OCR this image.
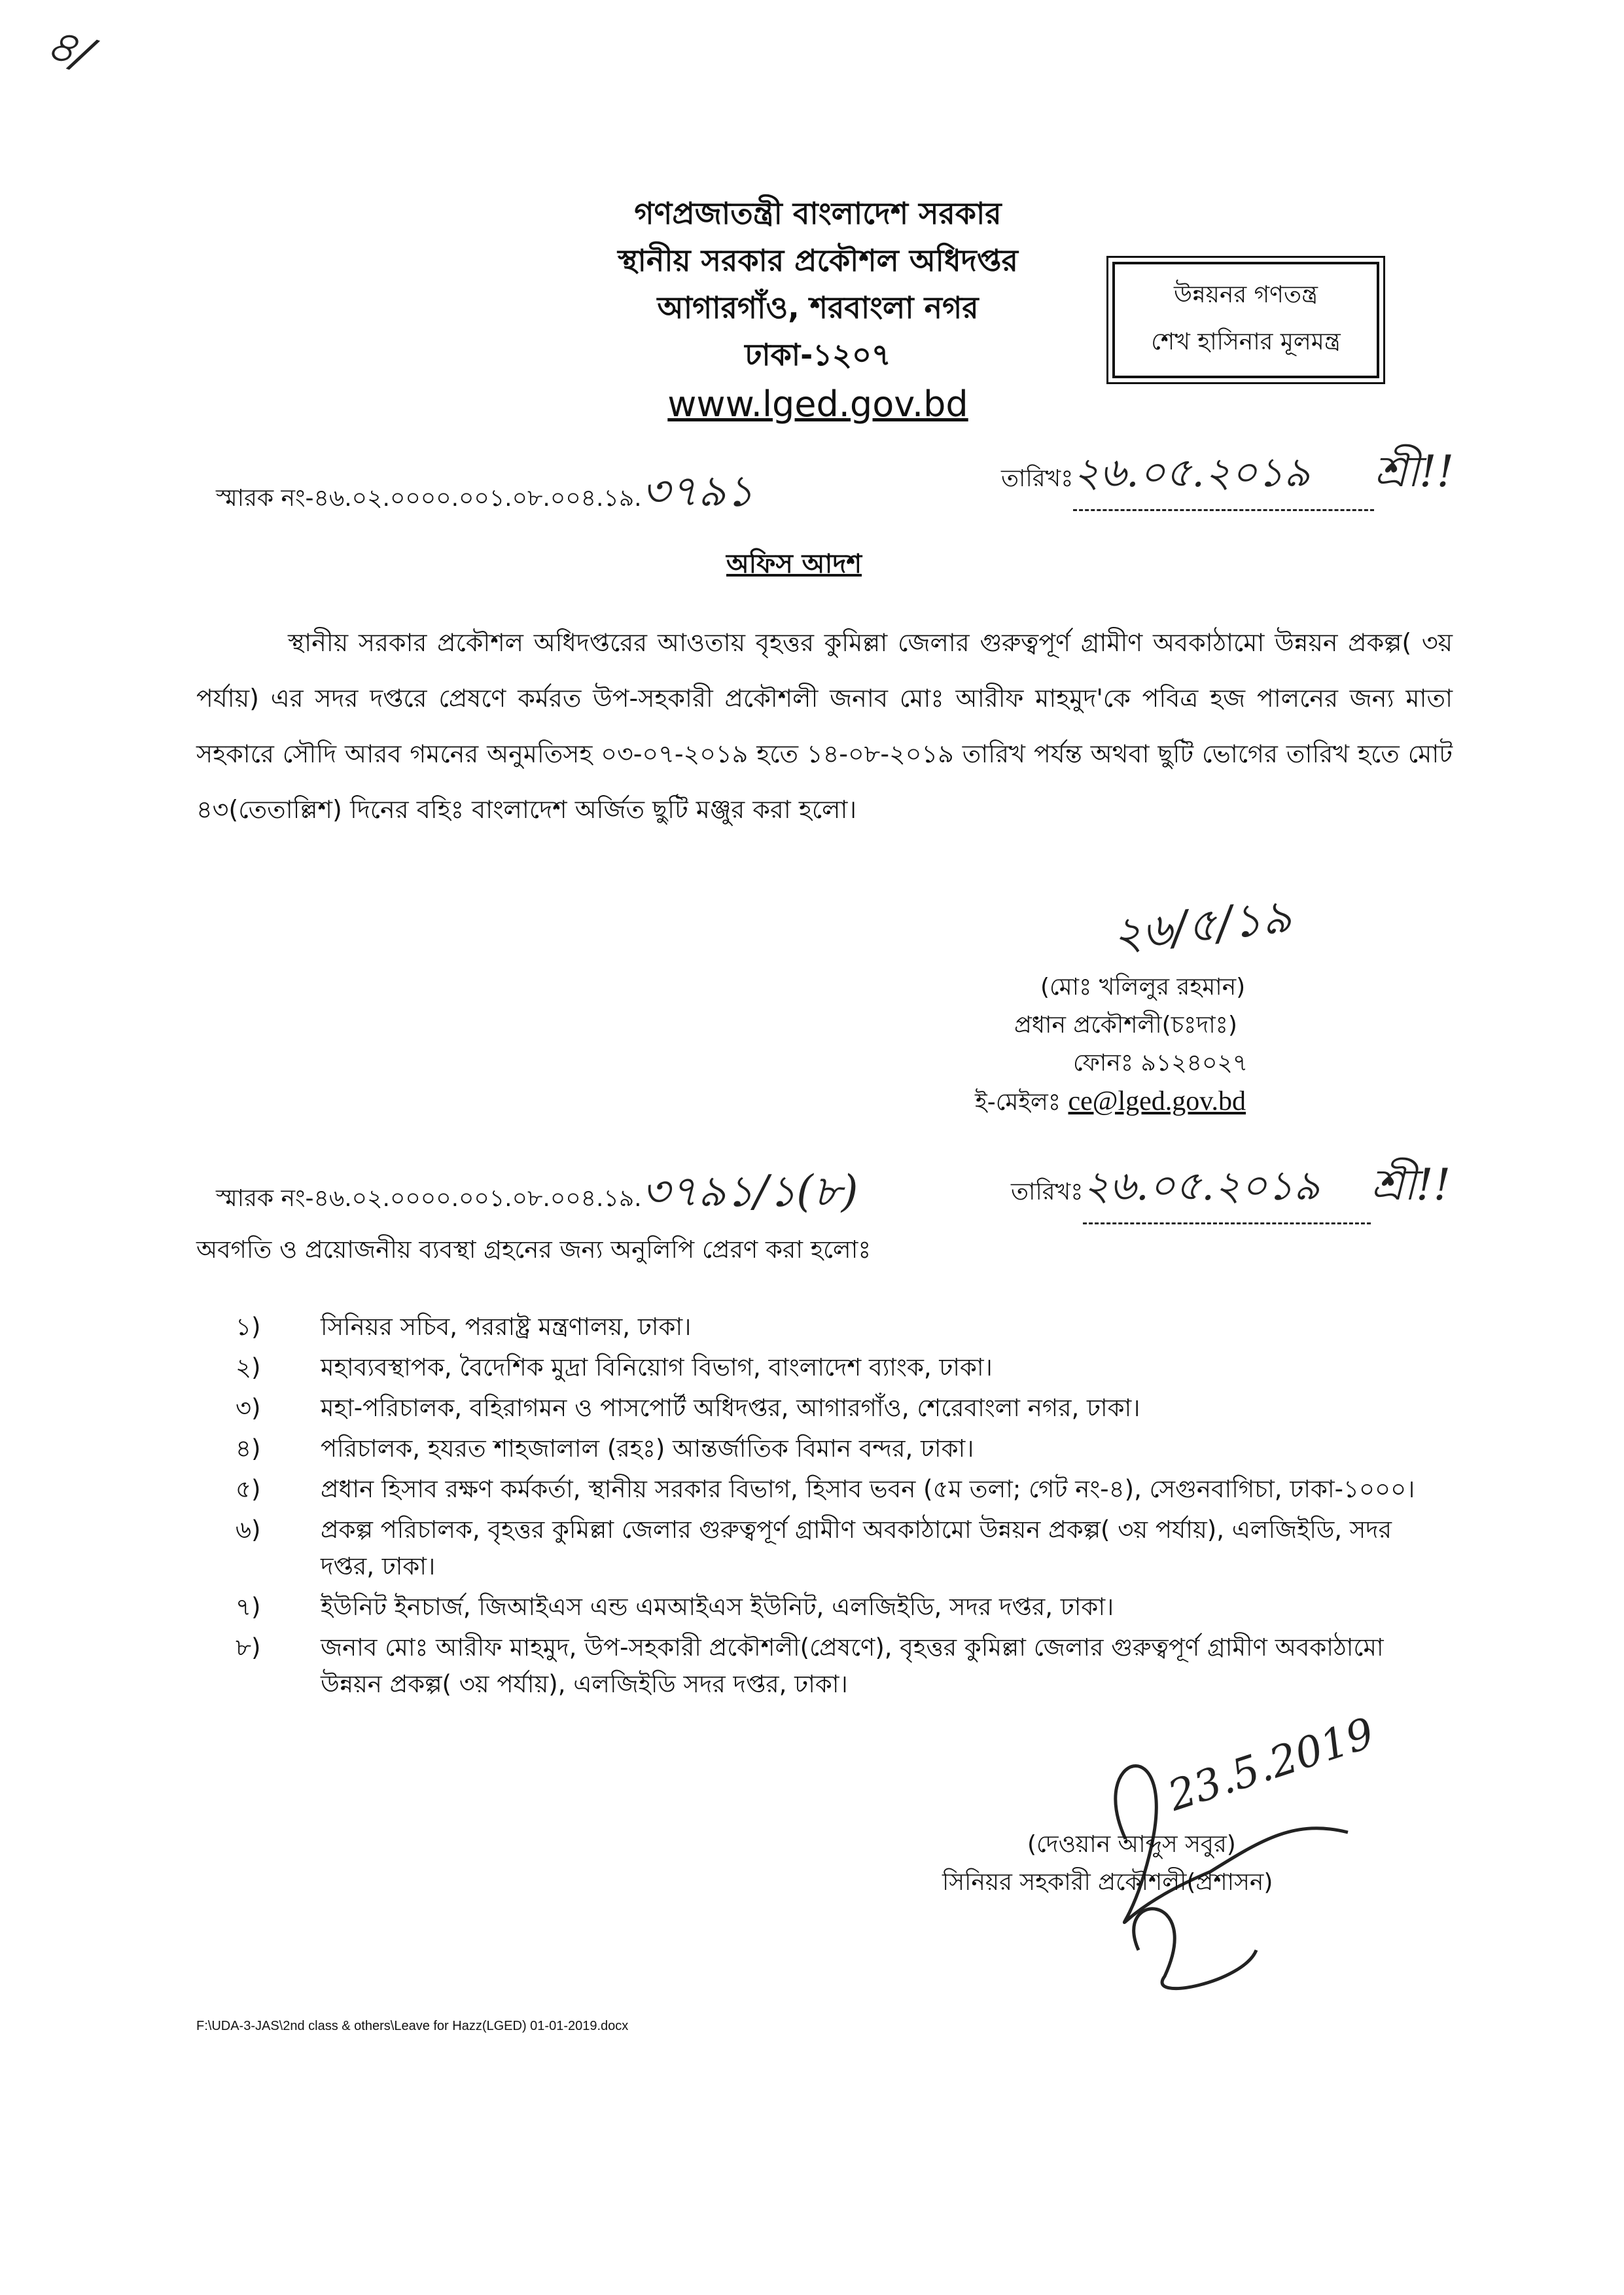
৪/
গণপ্রজাতন্ত্রী বাংলাদেশ সরকার
স্থানীয় সরকার প্রকৌশল অধিদপ্তর
আগারগাঁও, শরবাংলা নগর
ঢাকা-১২০৭
www.lged.gov.bd
উন্নয়নর গণতন্ত্র
শেখ হাসিনার মূলমন্ত্র
স্মারক নং-৪৬.০২.০০০০.০০১.০৮.০০৪.১৯.৩৭৯১	তারিখঃ২৬.০৫.২০১৯ শ্রী!!
অফিস আদশ
স্থানীয় সরকার প্রকৌশল অধিদপ্তরের আওতায় বৃহত্তর কুমিল্লা জেলার গুরুত্বপূর্ণ গ্রামীণ অবকাঠামো উন্নয়ন প্রকল্প( ৩য় পর্যায়) এর সদর দপ্তরে প্রেষণে কর্মরত উপ-সহকারী প্রকৌশলী জনাব মোঃ আরীফ মাহমুদ'কে পবিত্র হজ পালনের জন্য মাতা সহকারে সৌদি আরব গমনের অনুমতিসহ ০৩-০৭-২০১৯ হতে ১৪-০৮-২০১৯ তারিখ পর্যন্ত অথবা ছুটি ভোগের তারিখ হতে মোট ৪৩(তেতাল্লিশ) দিনের বহিঃ বাংলাদেশ অর্জিত ছুটি মঞ্জুর করা হলো।
২৬/৫/১৯
(মোঃ খলিলুর রহমান)
প্রধান প্রকৌশলী(চঃদাঃ)
ফোনঃ ৯১২৪০২৭
ই-মেইলঃ ce@lged.gov.bd
স্মারক নং-৪৬.০২.০০০০.০০১.০৮.০০৪.১৯.৩৭৯১/১(৮)	তারিখঃ২৬.০৫.২০১৯ শ্রী!!
অবগতি ও প্রয়োজনীয় ব্যবস্থা গ্রহনের জন্য অনুলিপি প্রেরণ করা হলোঃ
১)	সিনিয়র সচিব, পররাষ্ট্র মন্ত্রণালয়, ঢাকা।
২)	মহাব্যবস্থাপক, বৈদেশিক মুদ্রা বিনিয়োগ বিভাগ, বাংলাদেশ ব্যাংক, ঢাকা।
৩)	মহা-পরিচালক, বহিরাগমন ও পাসপোর্ট অধিদপ্তর, আগারগাঁও, শেরেবাংলা নগর, ঢাকা।
৪)	পরিচালক, হযরত শাহজালাল (রহঃ) আন্তর্জাতিক বিমান বন্দর, ঢাকা।
৫)	প্রধান হিসাব রক্ষণ কর্মকর্তা, স্থানীয় সরকার বিভাগ, হিসাব ভবন (৫ম তলা; গেট নং-৪), সেগুনবাগিচা, ঢাকা-১০০০।
৬)	প্রকল্প পরিচালক, বৃহত্তর কুমিল্লা জেলার গুরুত্বপূর্ণ গ্রামীণ অবকাঠামো উন্নয়ন প্রকল্প( ৩য় পর্যায়), এলজিইডি, সদর দপ্তর, ঢাকা।
৭)	ইউনিট ইনচার্জ, জিআইএস এন্ড এমআইএস ইউনিট, এলজিইডি, সদর দপ্তর, ঢাকা।
৮)	জনাব মোঃ আরীফ মাহমুদ, উপ-সহকারী প্রকৌশলী(প্রেষণে), বৃহত্তর কুমিল্লা জেলার গুরুত্বপূর্ণ গ্রামীণ অবকাঠামো উন্নয়ন প্রকল্প( ৩য় পর্যায়), এলজিইডি সদর দপ্তর, ঢাকা।
23.5.2019
(দেওয়ান আব্দুস সবুর)
সিনিয়র সহকারী প্রকৌশলী(প্রশাসন)
F:\UDA-3-JAS\2nd class & others\Leave for Hazz(LGED) 01-01-2019.docx
